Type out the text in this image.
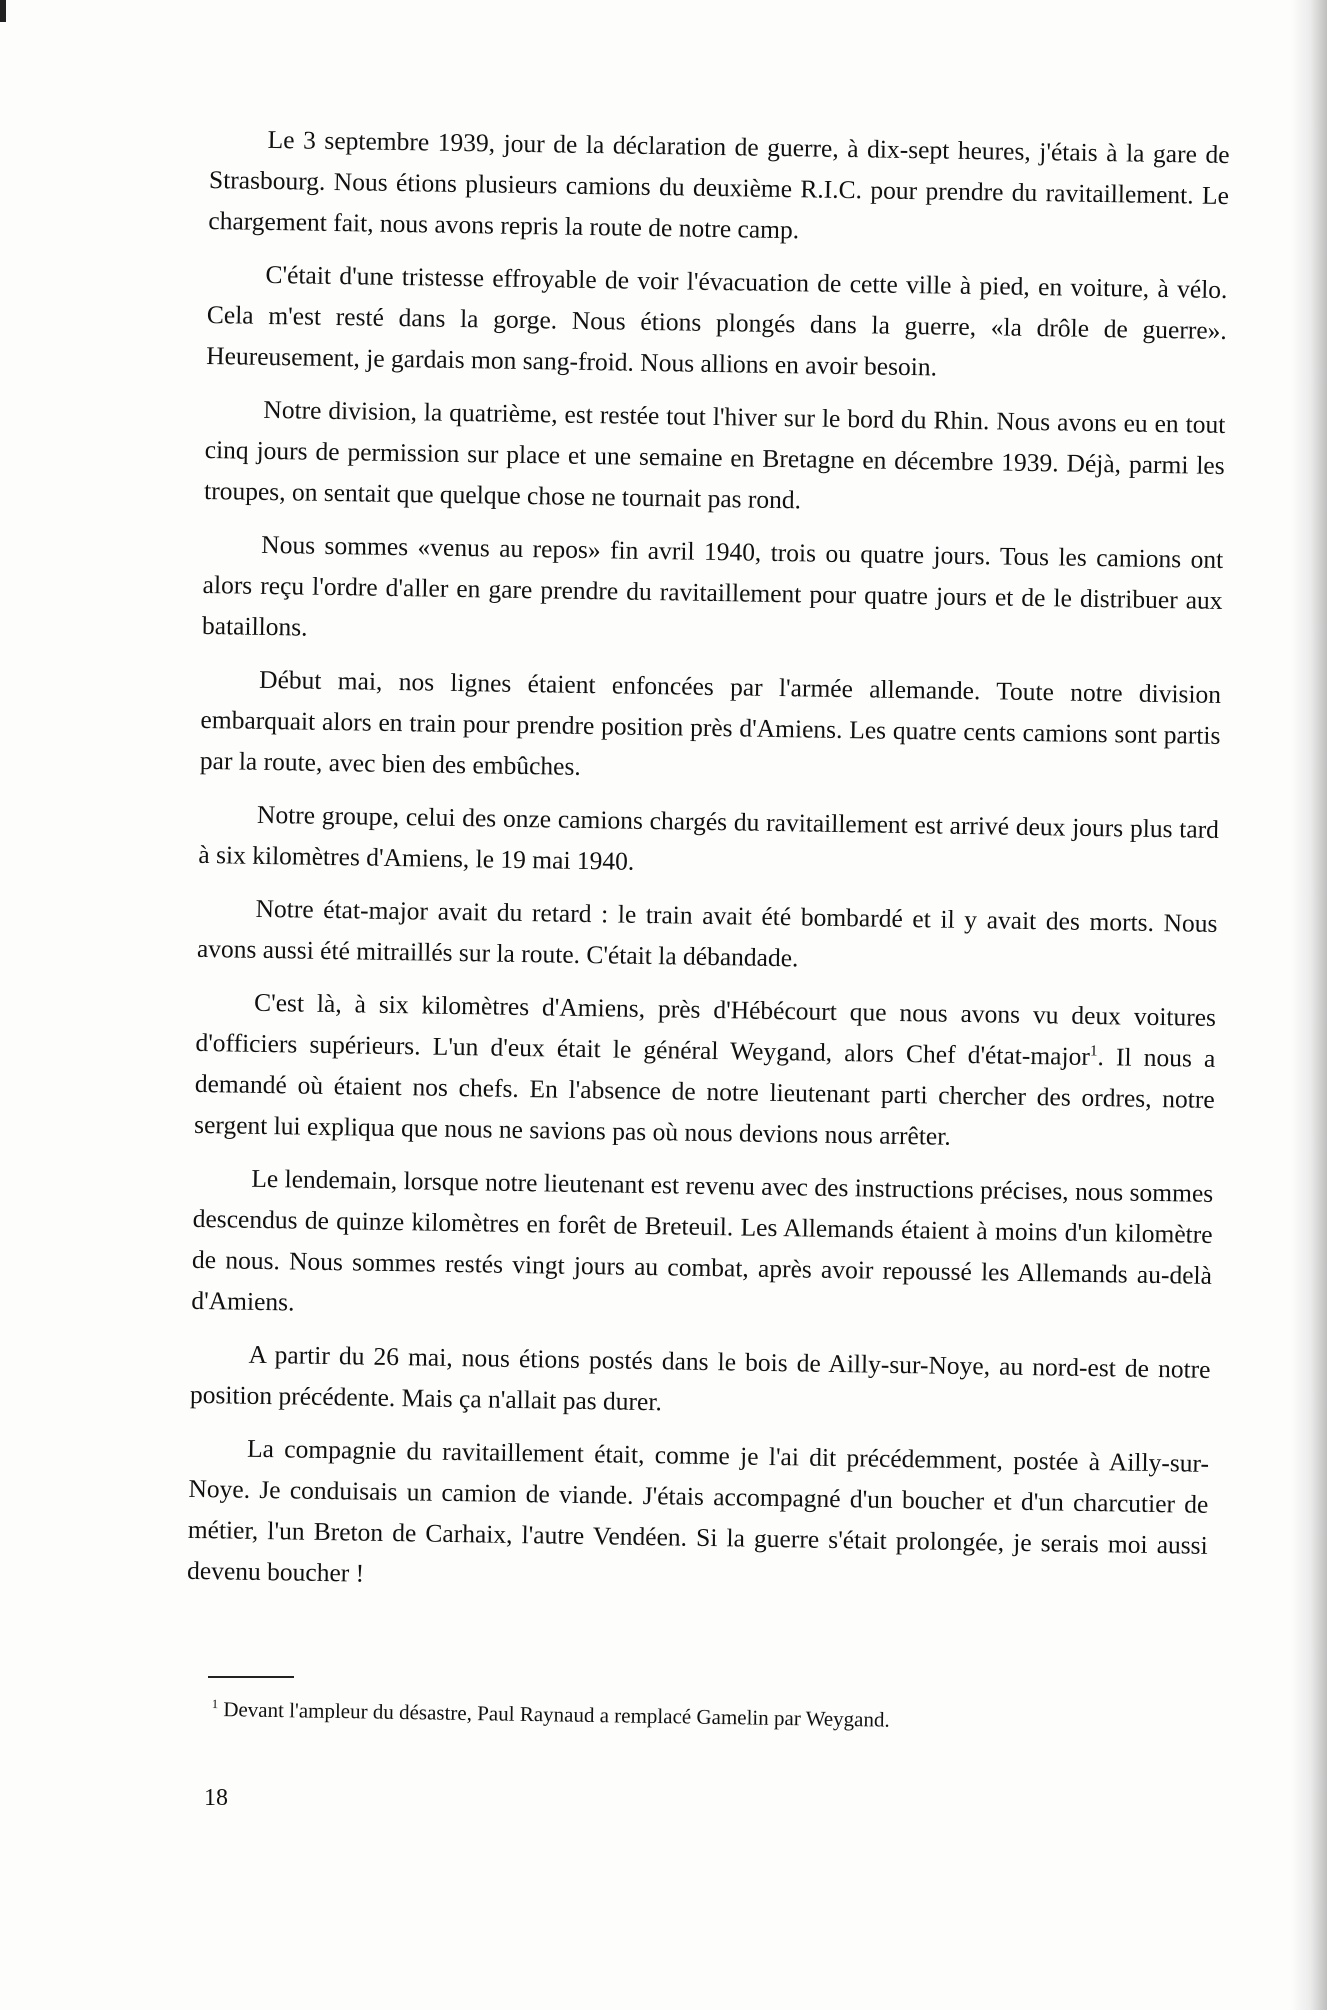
Le 3 septembre 1939, jour de la déclaration de guerre, à dix-sept heures, j'étais à la gare de Strasbourg. Nous étions plusieurs camions du deuxième R.I.C. pour prendre du ravitaillement. Le chargement fait, nous avons repris la route de notre camp.

C'était d'une tristesse effroyable de voir l'évacuation de cette ville à pied, en voiture, à vélo. Cela m'est resté dans la gorge. Nous étions plongés dans la guerre, «la drôle de guerre». Heureusement, je gardais mon sang-froid. Nous allions en avoir besoin.

Notre division, la quatrième, est restée tout l'hiver sur le bord du Rhin. Nous avons eu en tout cinq jours de permission sur place et une semaine en Bretagne en décembre 1939. Déjà, parmi les troupes, on sentait que quelque chose ne tournait pas rond.

Nous sommes «venus au repos» fin avril 1940, trois ou quatre jours. Tous les camions ont alors reçu l'ordre d'aller en gare prendre du ravitaillement pour quatre jours et de le distribuer aux bataillons.

Début mai, nos lignes étaient enfoncées par l'armée allemande. Toute notre division embarquait alors en train pour prendre position près d'Amiens. Les quatre cents camions sont partis par la route, avec bien des embûches.

Notre groupe, celui des onze camions chargés du ravitaillement est arrivé deux jours plus tard à six kilomètres d'Amiens, le 19 mai 1940.

Notre état-major avait du retard : le train avait été bombardé et il y avait des morts. Nous avons aussi été mitraillés sur la route. C'était la débandade.

C'est là, à six kilomètres d'Amiens, près d'Hébécourt que nous avons vu deux voitures d'officiers supérieurs. L'un d'eux était le général Weygand, alors Chef d'état-major$^1$. Il nous a demandé où étaient nos chefs. En l'absence de notre lieutenant parti chercher des ordres, notre sergent lui expliqua que nous ne savions pas où nous devions nous arrêter.

Le lendemain, lorsque notre lieutenant est revenu avec des instructions précises, nous sommes descendus de quinze kilomètres en forêt de Breteuil. Les Allemands étaient à moins d'un kilomètre de nous. Nous sommes restés vingt jours au combat, après avoir repoussé les Allemands au-delà d'Amiens.

A partir du 26 mai, nous étions postés dans le bois de Ailly-sur-Noye, au nord-est de notre position précédente. Mais ça n'allait pas durer.

La compagnie du ravitaillement était, comme je l'ai dit précédemment, postée à Ailly-sur-Noye. Je conduisais un camion de viande. J'étais accompagné d'un boucher et d'un charcutier de métier, l'un Breton de Carhaix, l'autre Vendéen. Si la guerre s'était prolongée, je serais moi aussi devenu boucher !

$^1$ Devant l'ampleur du désastre, Paul Raynaud a remplacé Gamelin par Weygand.
18
